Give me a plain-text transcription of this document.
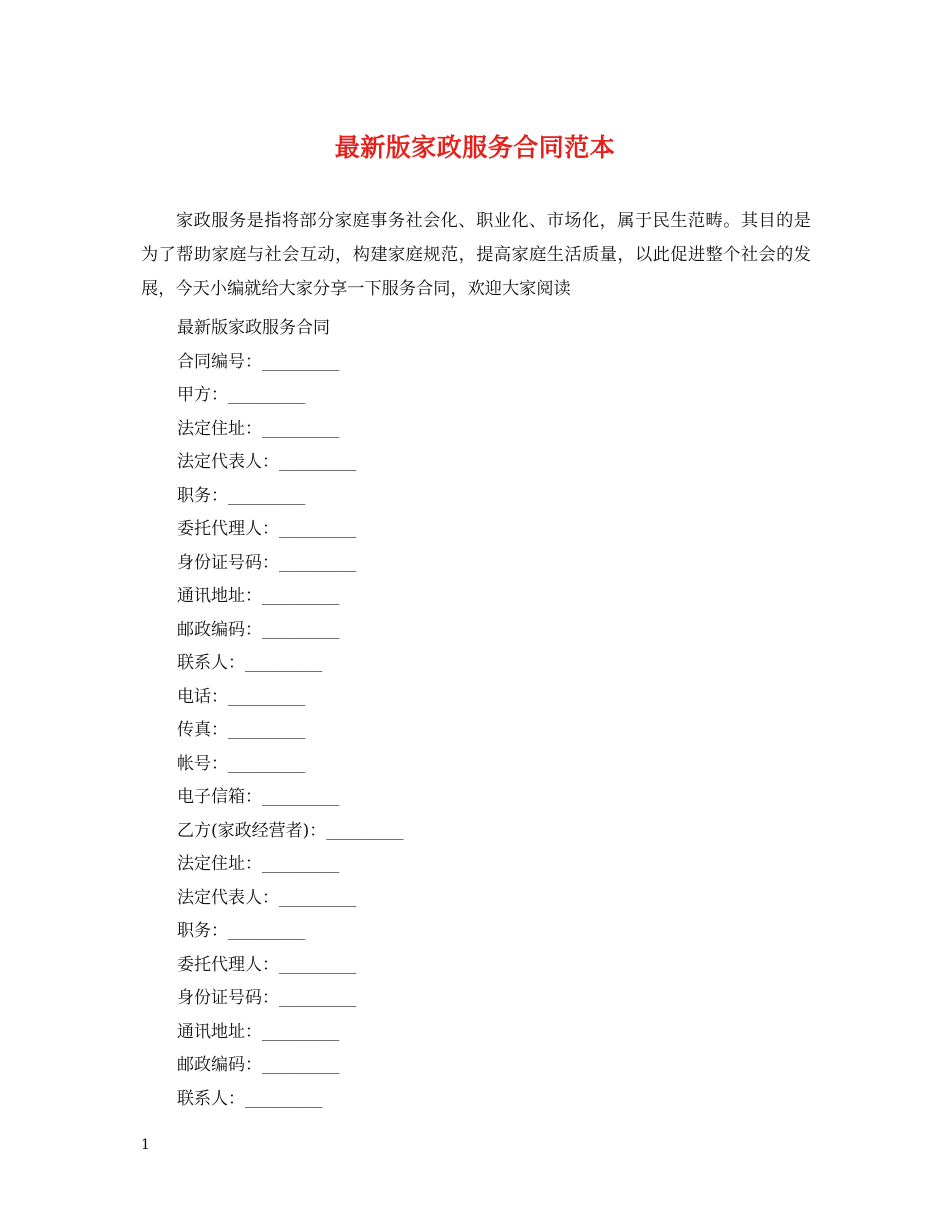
最新版家政服务合同范本

家政服务是指将部分家庭事务社会化、职业化、市场化，属于民生范畴。其目的是为了帮助家庭与社会互动，构建家庭规范，提高家庭生活质量，以此促进整个社会的发展，今天小编就给大家分享一下服务合同，欢迎大家阅读

最新版家政服务合同
合同编号：_________
甲方：_________
法定住址：_________
法定代表人：_________
职务：_________
委托代理人：_________
身份证号码：_________
通讯地址：_________
邮政编码：_________
联系人：_________
电话：_________
传真：_________
帐号：_________
电子信箱：_________
乙方(家政经营者)：_________
法定住址：_________
法定代表人：_________
职务：_________
委托代理人：_________
身份证号码：_________
通讯地址：_________
邮政编码：_________
联系人：_________
1
